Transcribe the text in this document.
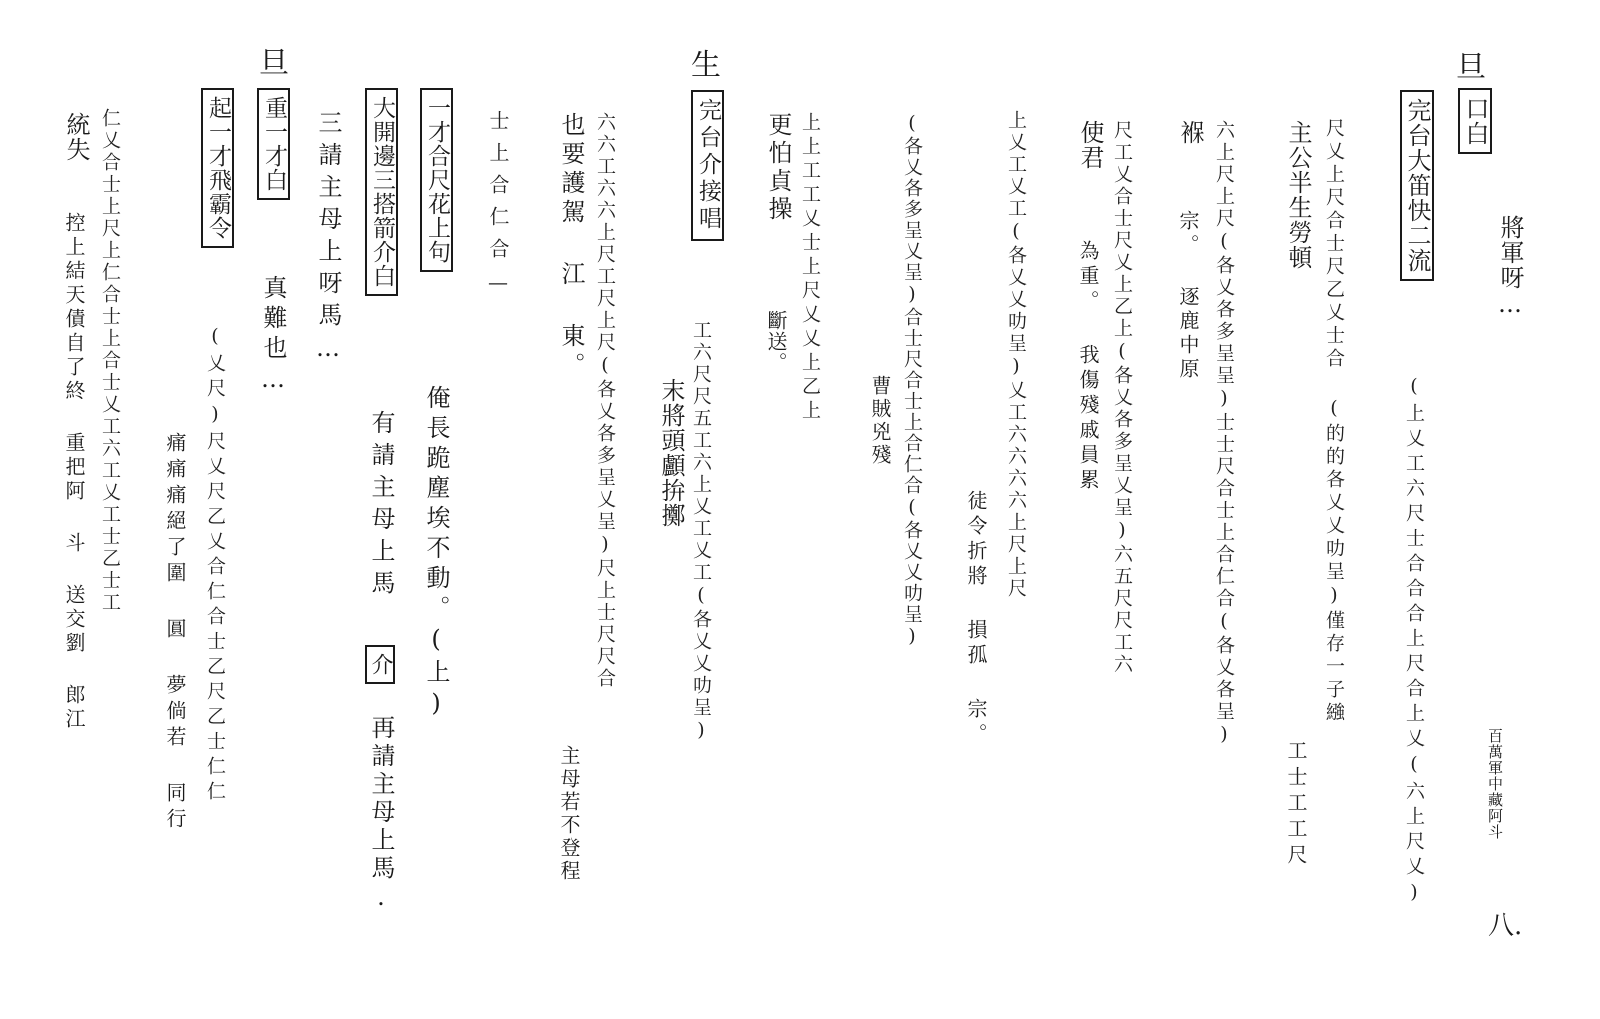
百萬軍中藏阿斗
八.
旦
口白
將軍呀…
完台大笛快二流
(上乂工六尺士合合合上尺合上乂(六上尺乂)
尺乂上尺合士尺乙乂士合 (的的各乂乂叻呈)僅存一子繈
主公半生勞頓
工士工工尺
褓 六上尺上尺(各乂各多呈呈)士士尺合士上合仁合(各乂各呈)
宗。 逐鹿中原
使君 尺工乂合士尺乂上乙上(各乂各多呈乂呈)六五尺尺工六
為重。 我傷殘戚員累
上乂工乂工(各乂乂叻呈)乂工六六六六上尺上尺
徒令折將 損孤 宗。
(各乂各多呈乂呈)合士尺合士上合仁合(各乂乂叻呈)
曹賊兇殘
更怕貞操 上上工工乂士上尺乂乂上乙上
斷送。
末將頭顱拚擲 工六尺尺五工六上乂工乂工(各乂乂叻呈)
生
完台介接唱
也要護駕 江 東。 六六工六六上尺工尺上尺(各乂各多呈乂呈)尺上士尺尺合
主母若不登程
士上合仁合—
一才合尺花上句
俺長跪塵埃不動。(上)
大開邊三搭箭介白
有請主母上馬
介
再請主母上馬.
三請主母上呀馬…
旦
重一才白
真難也…
起一才飛霸令
(乂尺)尺乂尺乙乂合仁合士乙尺乙士仁仁
痛痛痛絕了圍 圓 夢倘若 同行
統失 仁乂合士上尺上仁合士上合士乂工六工乂工士乙士工
控上結天債自了終 重把阿 斗 送交劉 郎江
